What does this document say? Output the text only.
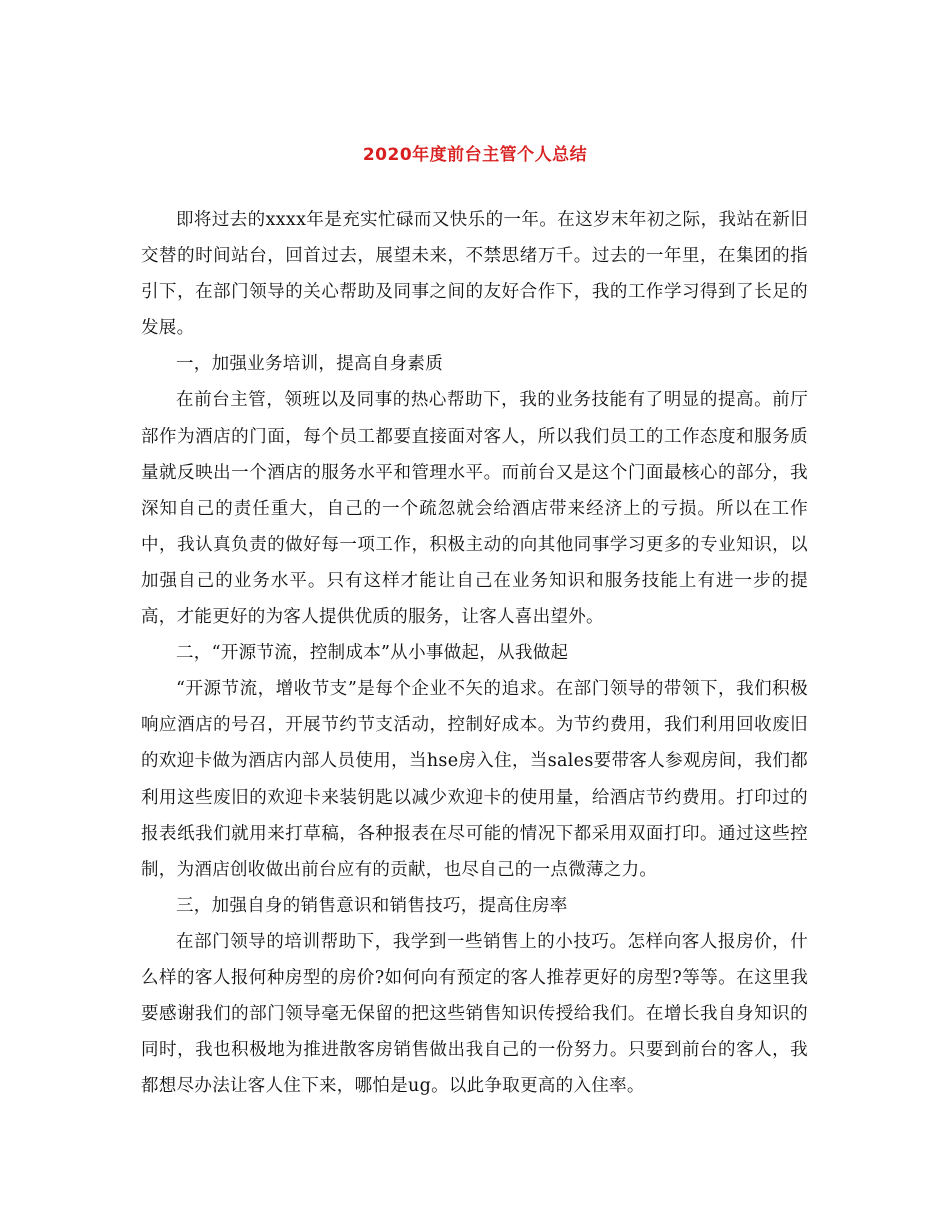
2020年度前台主管个人总结

即将过去的xxxx年是充实忙碌而又快乐的一年。在这岁末年初之际，我站在新旧交替的时间站台，回首过去，展望未来，不禁思绪万千。过去的一年里，在集团的指引下，在部门领导的关心帮助及同事之间的友好合作下，我的工作学习得到了长足的发展。

一，加强业务培训，提高自身素质

在前台主管，领班以及同事的热心帮助下，我的业务技能有了明显的提高。前厅部作为酒店的门面，每个员工都要直接面对客人，所以我们员工的工作态度和服务质量就反映出一个酒店的服务水平和管理水平。而前台又是这个门面最核心的部分，我深知自己的责任重大，自己的一个疏忽就会给酒店带来经济上的亏损。所以在工作中，我认真负责的做好每一项工作，积极主动的向其他同事学习更多的专业知识，以加强自己的业务水平。只有这样才能让自己在业务知识和服务技能上有进一步的提高，才能更好的为客人提供优质的服务，让客人喜出望外。

二，“开源节流，控制成本”从小事做起，从我做起

“开源节流，增收节支”是每个企业不矢的追求。在部门领导的带领下，我们积极响应酒店的号召，开展节约节支活动，控制好成本。为节约费用，我们利用回收废旧的欢迎卡做为酒店内部人员使用，当hse房入住，当sales要带客人参观房间，我们都利用这些废旧的欢迎卡来装钥匙以减少欢迎卡的使用量，给酒店节约费用。打印过的报表纸我们就用来打草稿，各种报表在尽可能的情况下都采用双面打印。通过这些控制，为酒店创收做出前台应有的贡献，也尽自己的一点微薄之力。

三，加强自身的销售意识和销售技巧，提高住房率

在部门领导的培训帮助下，我学到一些销售上的小技巧。怎样向客人报房价，什么样的客人报何种房型的房价?如何向有预定的客人推荐更好的房型?等等。在这里我要感谢我们的部门领导毫无保留的把这些销售知识传授给我们。在增长我自身知识的同时，我也积极地为推进散客房销售做出我自己的一份努力。只要到前台的客人，我都想尽办法让客人住下来，哪怕是ug。以此争取更高的入住率。
